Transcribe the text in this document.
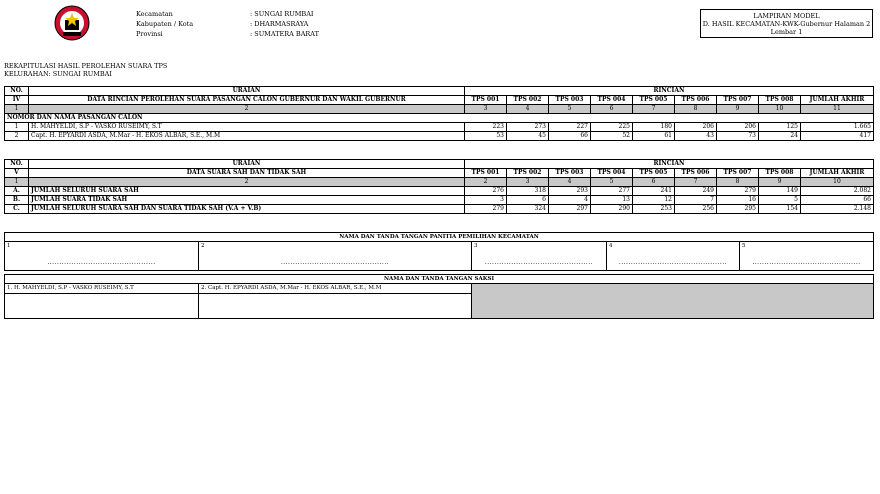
Kecamatan	: SUNGAI RUMBAI
Kabupaten / Kota	: DHARMASRAYA
Provinsi	: SUMATERA BARAT
LAMPIRAN MODEL
D. HASIL KECAMATAN-KWK-Gubernur Halaman 2
Lembar 1
REKAPITULASI HASIL PEROLEHAN SUARA TPS
KELURAHAN: SUNGAI RUMBAI
NO.	URAIAN	RINCIAN								
IV	DATA RINCIAN PEROLEHAN SUARA PASANGAN CALON GUBERNUR DAN WAKIL GUBERNUR	TPS 001	TPS 002	TPS 003	TPS 004	TPS 005	TPS 006	TPS 007	TPS 008	JUMLAH AKHIR
1	2	3	4	5	6	7	8	9	10	11
NOMOR DAN NAMA PASANGAN CALON										
1	H. MAHYELDI, S.P - VASKO RUSEIMY, S.T	223	273	227	225	180	206	206	125	1.665
2	Capt. H. EPYARDI ASDA, M.Mar - H. EKOS ALBAR, S.E., M.M	53	45	66	52	61	43	73	24	417
NO.	URAIAN	RINCIAN								
V	DATA SUARA SAH DAN TIDAK SAH	TPS 001	TPS 002	TPS 003	TPS 004	TPS 005	TPS 006	TPS 007	TPS 008	JUMLAH AKHIR
1	2	2	3	4	5	6	7	8	9	10
A.	JUMLAH SELURUH SUARA SAH	276	318	293	277	241	249	279	149	2.082
B.	JUMLAH SUARA TIDAK SAH	3	6	4	13	12	7	16	5	66
C.	JUMLAH SELURUH SUARA SAH DAN SUARA TIDAK SAH (V.A + V.B)	279	324	297	290	253	256	295	154	2.148
NAMA DAN TANDA TANGAN PANITIA PEMILIHAN KECAMATAN
1
.............................................
	2
.............................................
	3
.............................................
	4
.............................................
	5
.............................................
NAMA DAN TANDA TANGAN SAKSI		
1. H. MAHYELDI, S.P - VASKO RUSEIMY, S.T	2. Capt. H. EPYARDI ASDA, M.Mar - H. EKOS ALBAR, S.E., M.M	
